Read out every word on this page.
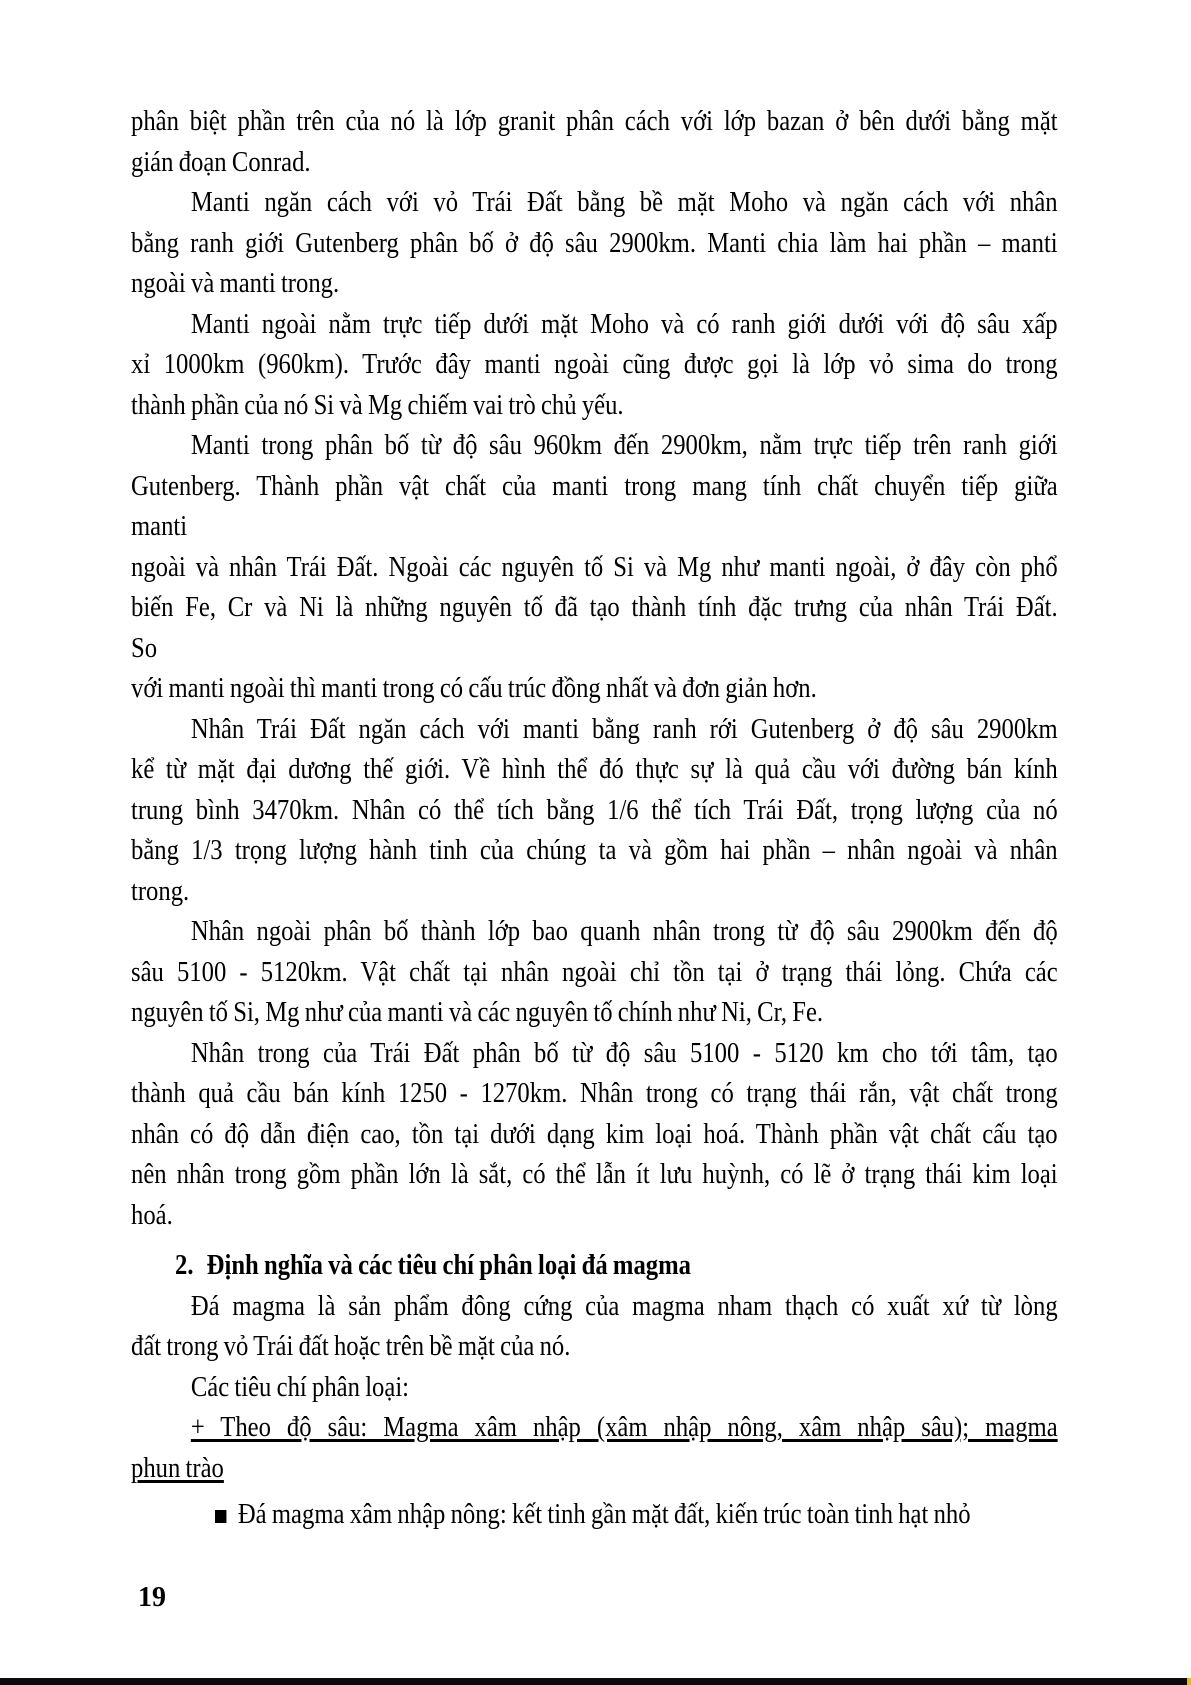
phân biệt phần trên của nó là lớp granit phân cách với lớp bazan ở bên dưới bằng mặt
gián đoạn Conrad.
Manti ngăn cách với vỏ Trái Đất bằng bề mặt Moho và ngăn cách với nhân
bằng ranh giới Gutenberg phân bố ở độ sâu 2900km. Manti chia làm hai phần – manti
ngoài và manti trong.
Manti ngoài nằm trực tiếp dưới mặt Moho và có ranh giới dưới với độ sâu xấp
xỉ 1000km (960km). Trước đây manti ngoài cũng được gọi là lớp vỏ sima do trong
thành phần của nó Si và Mg chiếm vai trò chủ yếu.
Manti trong phân bố từ độ sâu 960km đến 2900km, nằm trực tiếp trên ranh giới
Gutenberg. Thành phần vật chất của manti trong mang tính chất chuyển tiếp giữa
manti
ngoài và nhân Trái Đất. Ngoài các nguyên tố Si và Mg như manti ngoài, ở đây còn phổ
biến Fe, Cr và Ni là những nguyên tố đã tạo thành tính đặc trưng của nhân Trái Đất.
So
với manti ngoài thì manti trong có cấu trúc đồng nhất và đơn giản hơn.
Nhân Trái Đất ngăn cách với manti bằng ranh rới Gutenberg ở độ sâu 2900km
kể từ mặt đại dương thế giới. Về hình thể đó thực sự là quả cầu với đường bán kính
trung bình 3470km. Nhân có thể tích bằng 1/6 thể tích Trái Đất, trọng lượng của nó
bằng 1/3 trọng lượng hành tinh của chúng ta và gồm hai phần – nhân ngoài và nhân
trong.
Nhân ngoài phân bố thành lớp bao quanh nhân trong từ độ sâu 2900km đến độ
sâu 5100 - 5120km. Vật chất tại nhân ngoài chỉ tồn tại ở trạng thái lỏng. Chứa các
nguyên tố Si, Mg như của manti và các nguyên tố chính như Ni, Cr, Fe.
Nhân trong của Trái Đất phân bố từ độ sâu 5100 - 5120 km cho tới tâm, tạo
thành quả cầu bán kính 1250 - 1270km. Nhân trong có trạng thái rắn, vật chất trong
nhân có độ dẫn điện cao, tồn tại dưới dạng kim loại hoá. Thành phần vật chất cấu tạo
nên nhân trong gồm phần lớn là sắt, có thể lẫn ít lưu huỳnh, có lẽ ở trạng thái kim loại
hoá.
2. Định nghĩa và các tiêu chí phân loại đá magma
Đá magma là sản phẩm đông cứng của magma nham thạch có xuất xứ từ lòng
đất trong vỏ Trái đất hoặc trên bề mặt của nó.
Các tiêu chí phân loại:
+ Theo độ sâu: Magma xâm nhập (xâm nhập nông, xâm nhập sâu); magma
phun trào
Đá magma xâm nhập nông: kết tinh gần mặt đất, kiến trúc toàn tinh hạt nhỏ
19
